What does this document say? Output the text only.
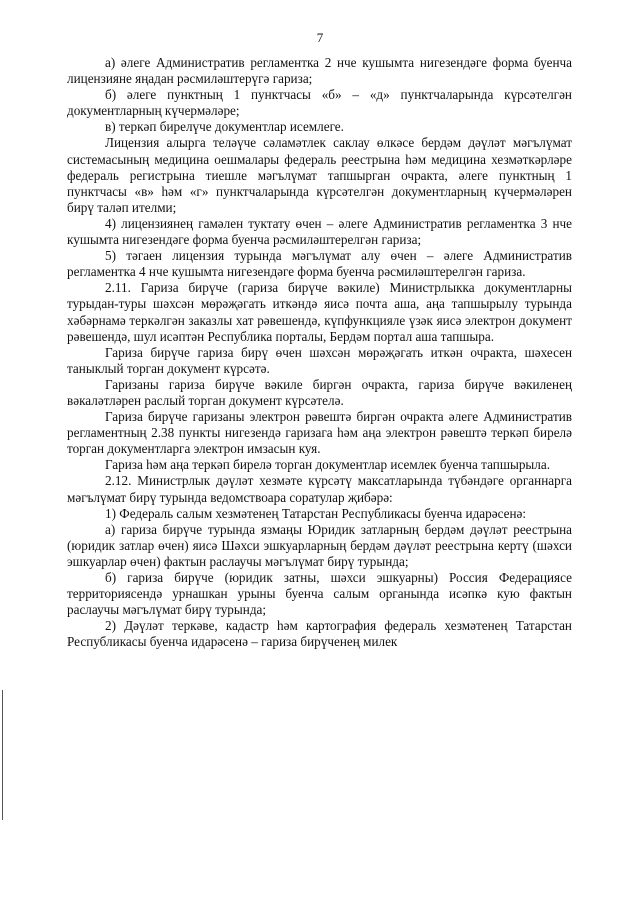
7

а) әлеге Административ регламентка 2 нче кушымта нигезендәге форма буенча лицензияне яңадан рәсмиләштерүгә гариза;

б) әлеге пунктның 1 пунктчасы «б» – «д» пунктчаларында күрсәтелгән документларның күчермәләре;

в) теркәп бирелүче документлар исемлеге.

Лицензия алырга теләүче сәламәтлек саклау өлкәсе бердәм дәүләт мәгълүмат системасының медицина оешмалары федераль реестрына һәм медицина хезмәткәрләре федераль регистрына тиешле мәгълүмат тапшырган очракта, әлеге пунктның 1 пунктчасы «в» һәм «г» пунктчаларында күрсәтелгән документларның күчермәләрен бирү таләп ителми;

4) лицензиянең гамәлен туктату өчен – әлеге Административ регламентка 3 нче кушымта нигезендәге форма буенча рәсмиләштерелгән гариза;

5) тәгаен лицензия турында мәгълүмат алу өчен – әлеге Административ регламентка 4 нче кушымта нигезендәге форма буенча рәсмиләштерелгән гариза.

2.11. Гариза бирүче (гариза бирүче вәкиле) Министрлыкка документларны турыдан-туры шәхсән мөрәҗәгать иткәндә яисә почта аша, аңа тапшырылу турында хәбәрнамә теркәлгән заказлы хат рәвешендә, күпфункцияле үзәк яисә электрон документ рәвешендә, шул исәптән Республика порталы, Бердәм портал аша тапшыра.

Гариза бирүче гариза бирү өчен шәхсән мөрәҗәгать иткән очракта, шәхесен таныклый торган документ күрсәтә.

Гаризаны гариза бирүче вәкиле биргән очракта, гариза бирүче вәкиленең вәкаләтләрен раслый торган документ күрсәтелә.

Гариза бирүче гаризаны электрон рәвештә биргән очракта әлеге Административ регламентның 2.38 пункты нигезендә гаризага һәм аңа электрон рәвештә теркәп бирелә торган документларга электрон имзасын куя.

Гариза һәм аңа теркәп бирелә торган документлар исемлек буенча тапшырыла.

2.12. Министрлык дәүләт хезмәте күрсәтү максатларында түбәндәге органнарга мәгълүмат бирү турында ведомствоара соратулар җибәрә:

1) Федераль салым хезмәтенең Татарстан Республикасы буенча идарәсенә:

а) гариза бирүче турында язмаңы Юридик затларның бердәм дәүләт реестрына (юридик затлар өчен) яисә Шәхси эшкуарларның бердәм дәүләт реестрына кертү (шәхси эшкуарлар өчен) фактын раслаучы мәгълүмат бирү турында;

б) гариза бирүче (юридик затны, шәхси эшкуарны) Россия Федерациясе территориясендә урнашкан урыны буенча салым органында исәпкә кую фактын раслаучы мәгълүмат бирү турында;

2) Дәүләт теркәве, кадастр һәм картография федераль хезмәтенең Татарстан Республикасы буенча идарәсенә – гариза бирүченең милек
